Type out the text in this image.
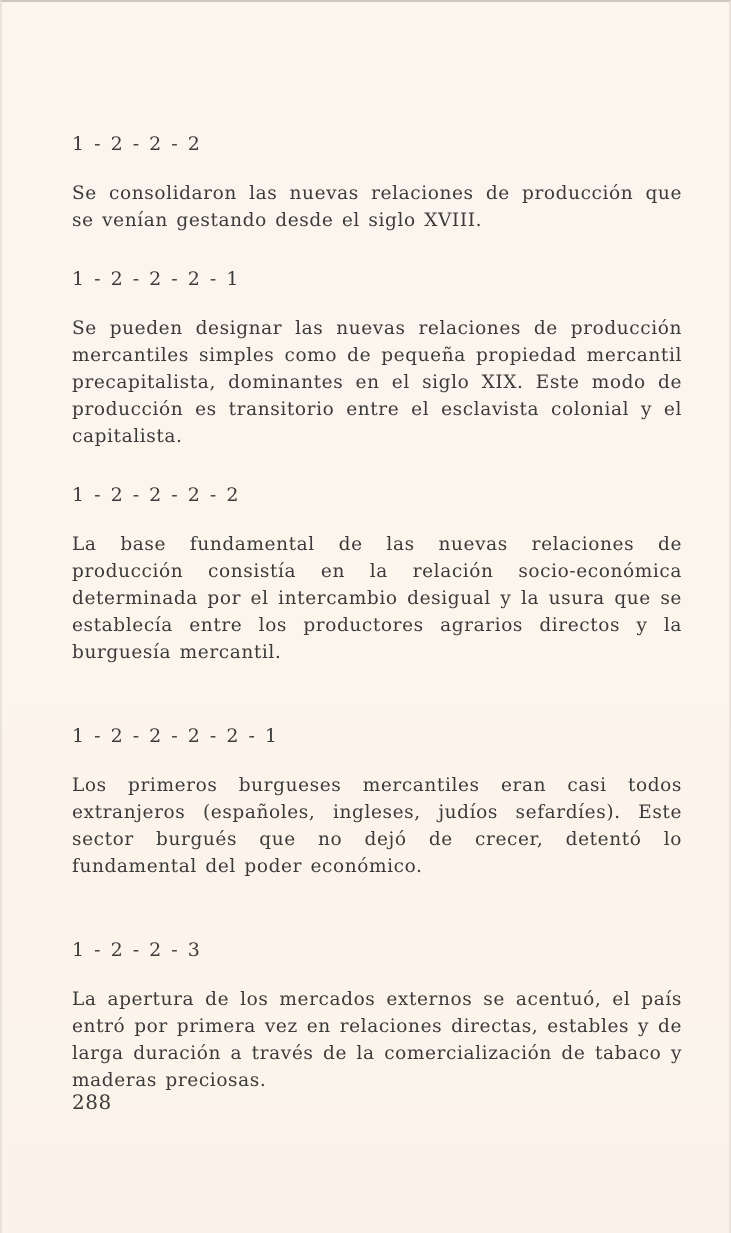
1 - 2 - 2 - 2

Se consolidaron las nuevas relaciones de producción que se venían gestando desde el siglo XVIII.

1 - 2 - 2 - 2 - 1

Se pueden designar las nuevas relaciones de producción mercantiles simples como de pequeña propiedad mercantil precapitalista, dominantes en el siglo XIX. Este modo de producción es transitorio entre el esclavista colonial y el capitalista.

1 - 2 - 2 - 2 - 2

La base fundamental de las nuevas relaciones de producción consistía en la relación socio-económica determinada por el intercambio desigual y la usura que se establecía entre los productores agrarios directos y la burguesía mercantil.

1 - 2 - 2 - 2 - 2 - 1

Los primeros burgueses mercantiles eran casi todos extranjeros (españoles, ingleses, judíos sefardíes). Este sector burgués que no dejó de crecer, detentó lo fundamental del poder económico.

1 - 2 - 2 - 3

La apertura de los mercados externos se acentuó, el país entró por primera vez en relaciones directas, estables y de larga duración a través de la comercialización de tabaco y maderas preciosas.

288
